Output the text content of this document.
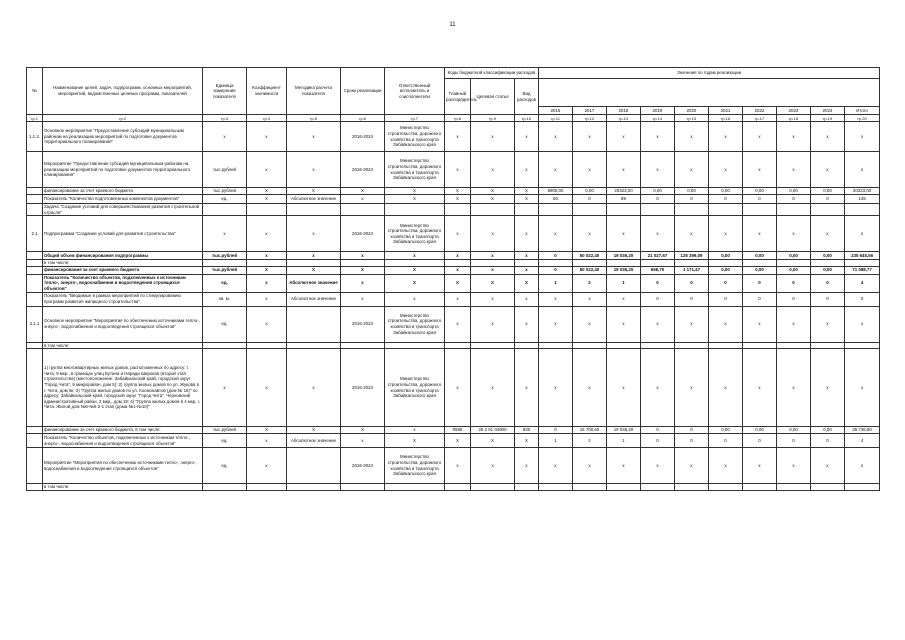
11
№	Наименование целей, задач, подпрограмм, основных мероприятий, мероприятий, ведомственных целевых программ, показателей	Единица измерения показателя	Коэффициент значимости	Методика расчета показателя	Сроки реализации	Ответственный исполнитель и соисполнители	Коды бюджетной классификации расходов			Значения по годам реализации									
							Главный распорядитель	Целевая статья	Вид расходов										
										2016	2017	2018	2019	2020	2021	2022	2023	2024	Итого
гр.1	гр.2	гр.3	гр.4	гр.5	гр.6	гр.7	гр.8	гр.9	гр.10	гр.11	гр.12	гр.13	гр.14	гр.15	гр.16	гр.17	гр.18	гр.19	гр.20
1.1.2.	Основное мероприятие "Предоставление субсидий муниципальным районам на реализацию мероприятий по подготовке документов территориального планирования"	x	x	x	2016-2024	Министерство строительства, дорожного хозяйства и транспорта Забайкальского края	x	x	x	x	x	x	x	x	x	x	x	x	x
	Мероприятие "Предоставление субсидий муниципальным районам на реализацию мероприятий по подготовке документов территориального планирования"	тыс.рублей	x	x	2016-2024	Министерство строительства, дорожного хозяйства и транспорта Забайкальского края	x	x	x	x	x	x	x	x	x	x	x	x	x
	финансирование за счет краевого бюджета	тыс.рублей	X	X	X	X	X	X	X	5900,00	0,00	20323,00	0,00	0,00	0,00	0,00	0,00	0,00	20323,00
	Показатель "Количество подготовленных комплектов документов"	ед.	X	Абсолютное значение	x	X	X	X	X	60	0	89	0	0	0	0	0	0	149
	Задача "Создание условий для совершенствования развития строительной отрасли"																		
2.1	Подпрограмма "Создание условий для развития строительства"	x	x	x	2016-2024	Министерство строительства, дорожного хозяйства и транспорта Забайкальского края	x	x	x	x	x	x	x	x	x	x	x	x	x
	Общий объем финансирования подпрограммы	тыс.рублей	x	x	x	x	x	x	x	0	50 022,40	19 036,20	21 027,67	125 399,09	0,00	0,00	0,00	0,00	235 645,56
	в том числе:																		
	финансирование за счет краевого бюджета	тыс.рублей	X	X	X	X	x	x	x	0	50 022,40	19 036,20	658,70	1 171,47	0,00	0,00	0,00	0,00	71 088,77
	Показатель "Количество объектов, подключенных к источникам тепло-, энерго-, водоснабжения и водоотведения строящихся объектов"	ед.	x	Абсолютное значение	x	X	X	X	X	1	2	1	0	0	0	0	0	0	4
	Показатель "Вводимые в рамках мероприятий по стимулированию программ развития жилищного строительства"	кв. м.	x	Абсолютное значение	x	x	x	x	x	x	x	x	0	0	0	0	0	0	0
2.1.1	Основное мероприятие "Мероприятия по обеспечению источниками тепло-, энерго-, водоснабжения и водоотведения строящихся объектов"	ед.	x		2016-2024	Министерство строительства, дорожного хозяйства и транспорта Забайкальского края	x	x	x	x	x	x	x	x	x	x	x	x	x
	в том числе:																		
	1) группа многоквартирных жилых домов, расположенных по адресу: г. Чита, 9 мкр., в границах улиц Бутина и Наради Широкая (второй этап строительства) (местоположение: Забайкальский край, городской округ "Город Чита", 9 микрорайон, дом 5); 2) группа жилых домов по ул. Жукова в г. Чита, дом 6к; 3) "Группа жилых домов по ул. Космонавтов (дом № 18)" по адресу: Забайкальский край, городской округ "Город Чита", Черновский административный район, 2 мкр., дом 18; 4) "Группа жилых домов в 4 мкр. г. Чита. Жилой дом №6-№6 2-1 этап (дома №1-№10)"	x	x	x	2016-2024	Министерство строительства, дорожного хозяйства и транспорта Забайкальского края	x	x	x	x	x	x	x	x	x	x	x	x	x
	финансирование за счет краевого бюджета, в том числе:	тыс.рублей	X	X	X	x	0585	25 2 01 04900	830	0	16 700,60	19 036,20	0	0	0,00	0,00	0,00	0,00	35 736,80
	Показатель "Количество объектов, подключенных к источникам тепло-, энерго-, водоснабжения и водоотведения строящихся объектов"	ед.	x	Абсолютное значение	x	X	X	X	X	1	2	1	0	0	0	0	0	0	4
	Мероприятие "Мероприятия по обеспечению источниками тепло-, энерго-, водоснабжения и водоотведения строящихся объектов"	ед.	x		2016-2024	Министерство строительства, дорожного хозяйства и транспорта Забайкальского края	x	x	x	x	x	x	x	x	x	x	x	x	x
	в том числе:																		
